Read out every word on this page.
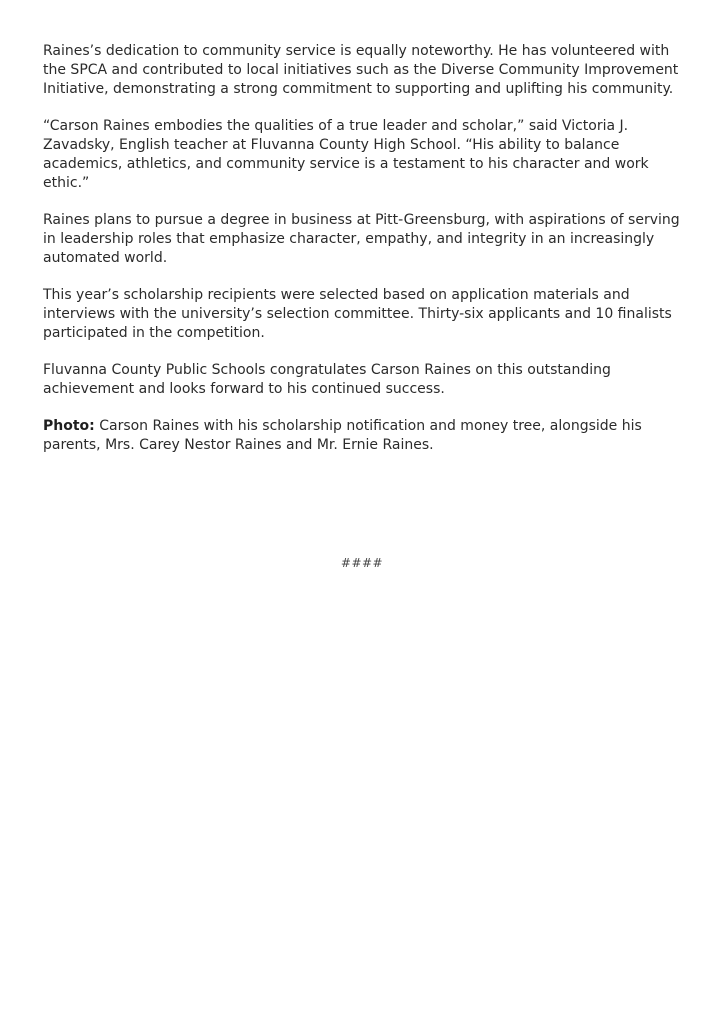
Raines’s dedication to community service is equally noteworthy. He has volunteered with the SPCA and contributed to local initiatives such as the Diverse Community Improvement Initiative, demonstrating a strong commitment to supporting and uplifting his community.

“Carson Raines embodies the qualities of a true leader and scholar,” said Victoria J. Zavadsky, English teacher at Fluvanna County High School. “His ability to balance academics, athletics, and community service is a testament to his character and work ethic.”

Raines plans to pursue a degree in business at Pitt-Greensburg, with aspirations of serving in leadership roles that emphasize character, empathy, and integrity in an increasingly automated world.

This year’s scholarship recipients were selected based on application materials and interviews with the university’s selection committee. Thirty-six applicants and 10 finalists participated in the competition.

Fluvanna County Public Schools congratulates Carson Raines on this outstanding achievement and looks forward to his continued success.

Photo: Carson Raines with his scholarship notification and money tree, alongside his parents, Mrs. Carey Nestor Raines and Mr. Ernie Raines.

####
